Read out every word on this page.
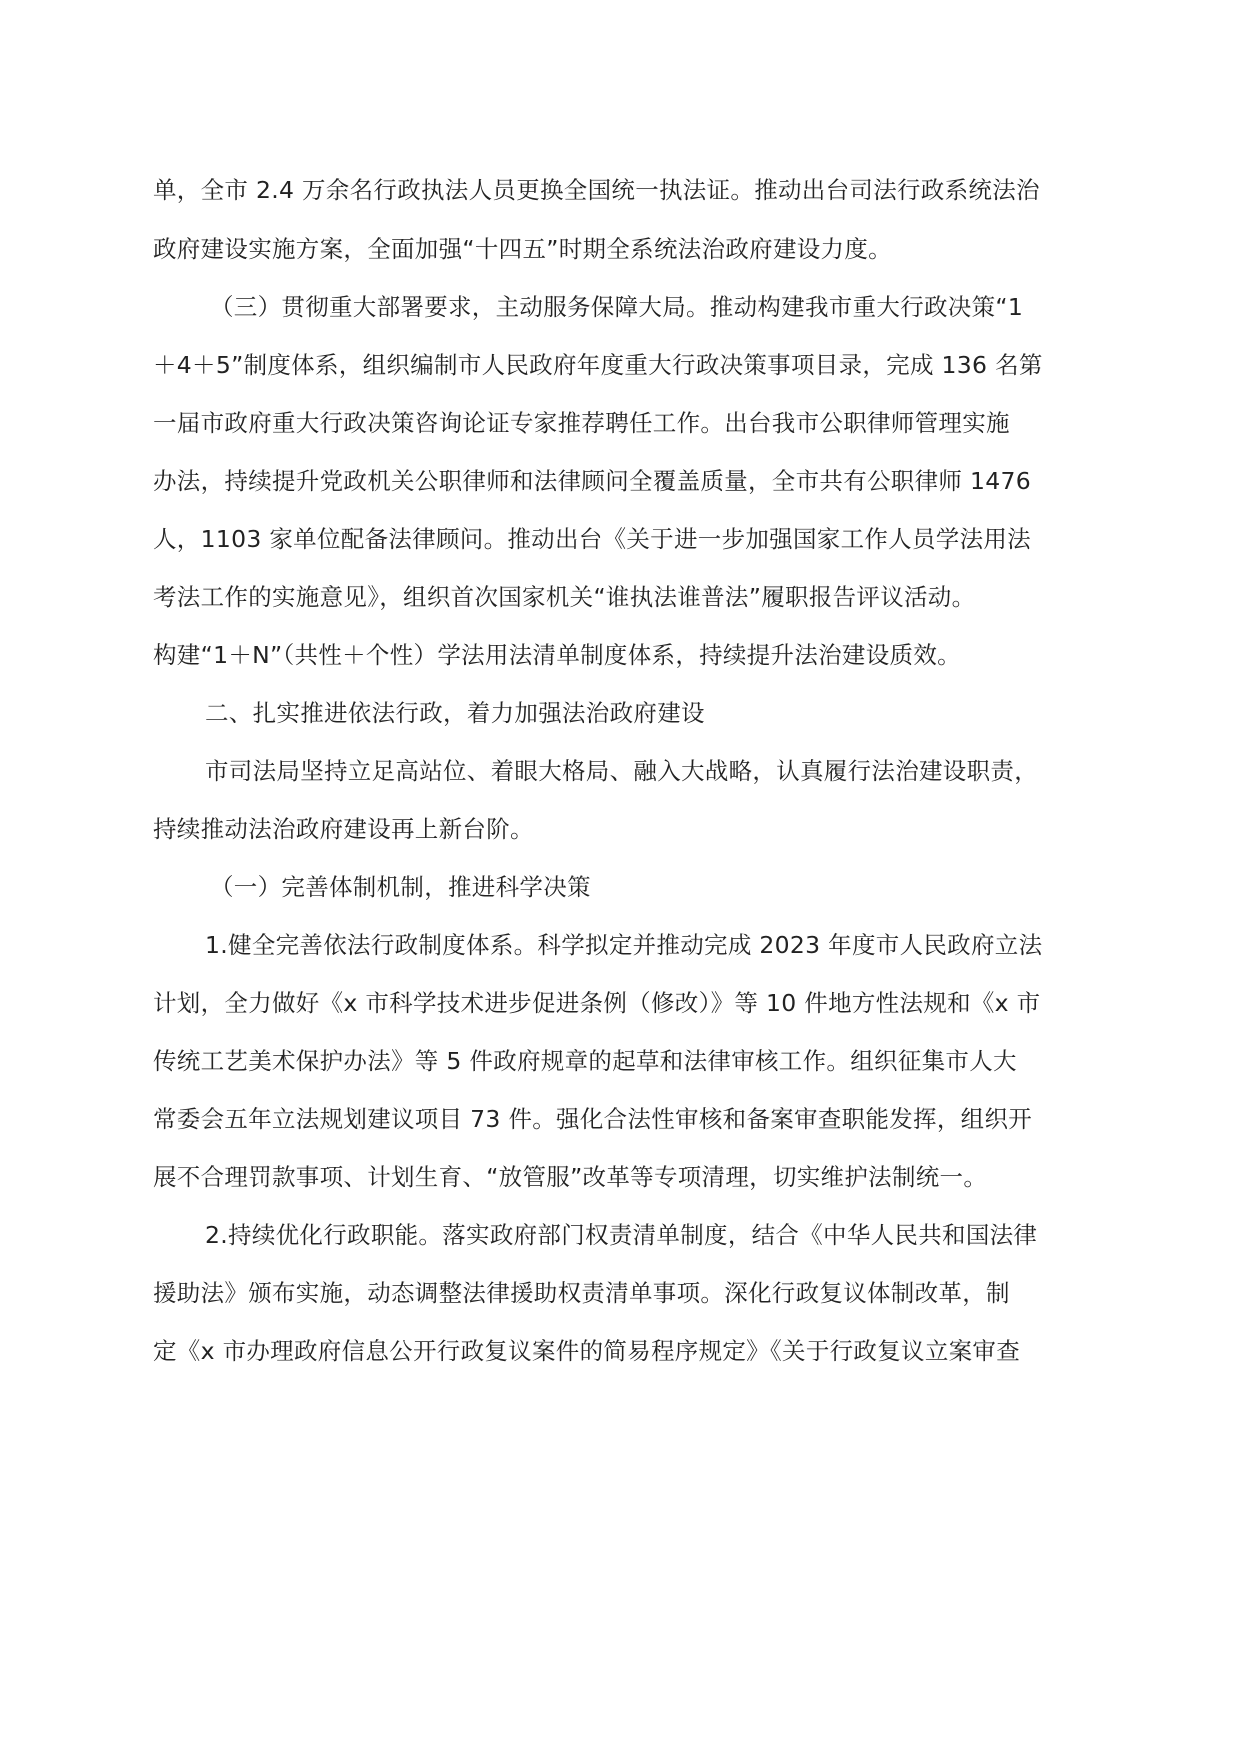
单，全市 2.4 万余名行政执法人员更换全国统一执法证。推动出台司法行政系统法治
政府建设实施方案，全面加强“十四五”时期全系统法治政府建设力度。
（三）贯彻重大部署要求，主动服务保障大局。推动构建我市重大行政决策“1
＋4＋5”制度体系，组织编制市人民政府年度重大行政决策事项目录，完成 136 名第
一届市政府重大行政决策咨询论证专家推荐聘任工作。出台我市公职律师管理实施
办法，持续提升党政机关公职律师和法律顾问全覆盖质量，全市共有公职律师 1476
人，1103 家单位配备法律顾问。推动出台《关于进一步加强国家工作人员学法用法
考法工作的实施意见》，组织首次国家机关“谁执法谁普法”履职报告评议活动。
构建“1＋N”（共性＋个性）学法用法清单制度体系，持续提升法治建设质效。
二、扎实推进依法行政，着力加强法治政府建设
市司法局坚持立足高站位、着眼大格局、融入大战略，认真履行法治建设职责，
持续推动法治政府建设再上新台阶。
（一）完善体制机制，推进科学决策
1.健全完善依法行政制度体系。科学拟定并推动完成 2023 年度市人民政府立法
计划，全力做好《x 市科学技术进步促进条例（修改）》等 10 件地方性法规和《x 市
传统工艺美术保护办法》等 5 件政府规章的起草和法律审核工作。组织征集市人大
常委会五年立法规划建议项目 73 件。强化合法性审核和备案审查职能发挥，组织开
展不合理罚款事项、计划生育、“放管服”改革等专项清理，切实维护法制统一。
2.持续优化行政职能。落实政府部门权责清单制度，结合《中华人民共和国法律
援助法》颁布实施，动态调整法律援助权责清单事项。深化行政复议体制改革，制
定《x 市办理政府信息公开行政复议案件的简易程序规定》《关于行政复议立案审查
